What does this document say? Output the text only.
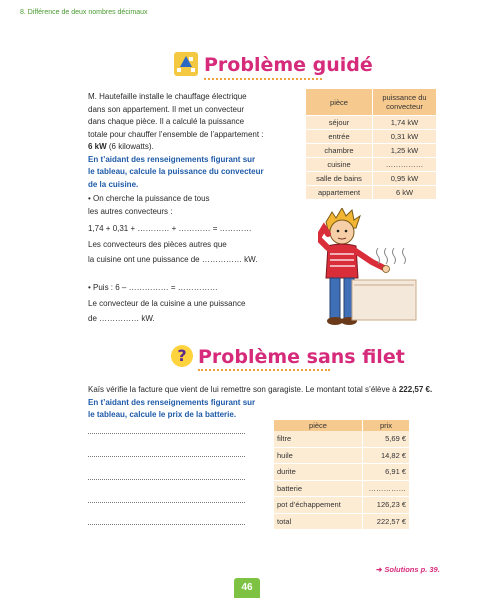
8. Différence de deux nombres décimaux
Problème guidé
M. Hautefaille installe le chauffage électrique
dans son appartement. Il met un convecteur
dans chaque pièce. Il a calculé la puissance
totale pour chauffer l’ensemble de l’appartement :
6 kW (6 kilowatts).
En t’aidant des renseignements figurant sur
le tableau, calcule la puissance du convecteur
de la cuisine.
• On cherche la puissance de tous
les autres convecteurs :
1,74 + 0,31 + ………… + ………… = …………
Les convecteurs des pièces autres que
la cuisine ont une puissance de …………… kW.
• Puis : 6 – …………… = ……………
Le convecteur de la cuisine a une puissance
de …………… kW.
pièce	puissance du convecteur
séjour	1,74 kW
entrée	0,31 kW
chambre	1,25 kW
cuisine	……………
salle de bains	0,95 kW
appartement	6 kW
? Problème sans filet
Kaïs vérifie la facture que vient de lui remettre son garagiste. Le montant total s’élève à 222,57 €.
En t’aidant des renseignements figurant sur
le tableau, calcule le prix de la batterie.
pièce	prix
filtre	5,69 €
huile	14,82 €
durite	6,91 €
batterie	……………
pot d’échappement	126,23 €
total	222,57 €
➜ Solutions p. 39.
46
